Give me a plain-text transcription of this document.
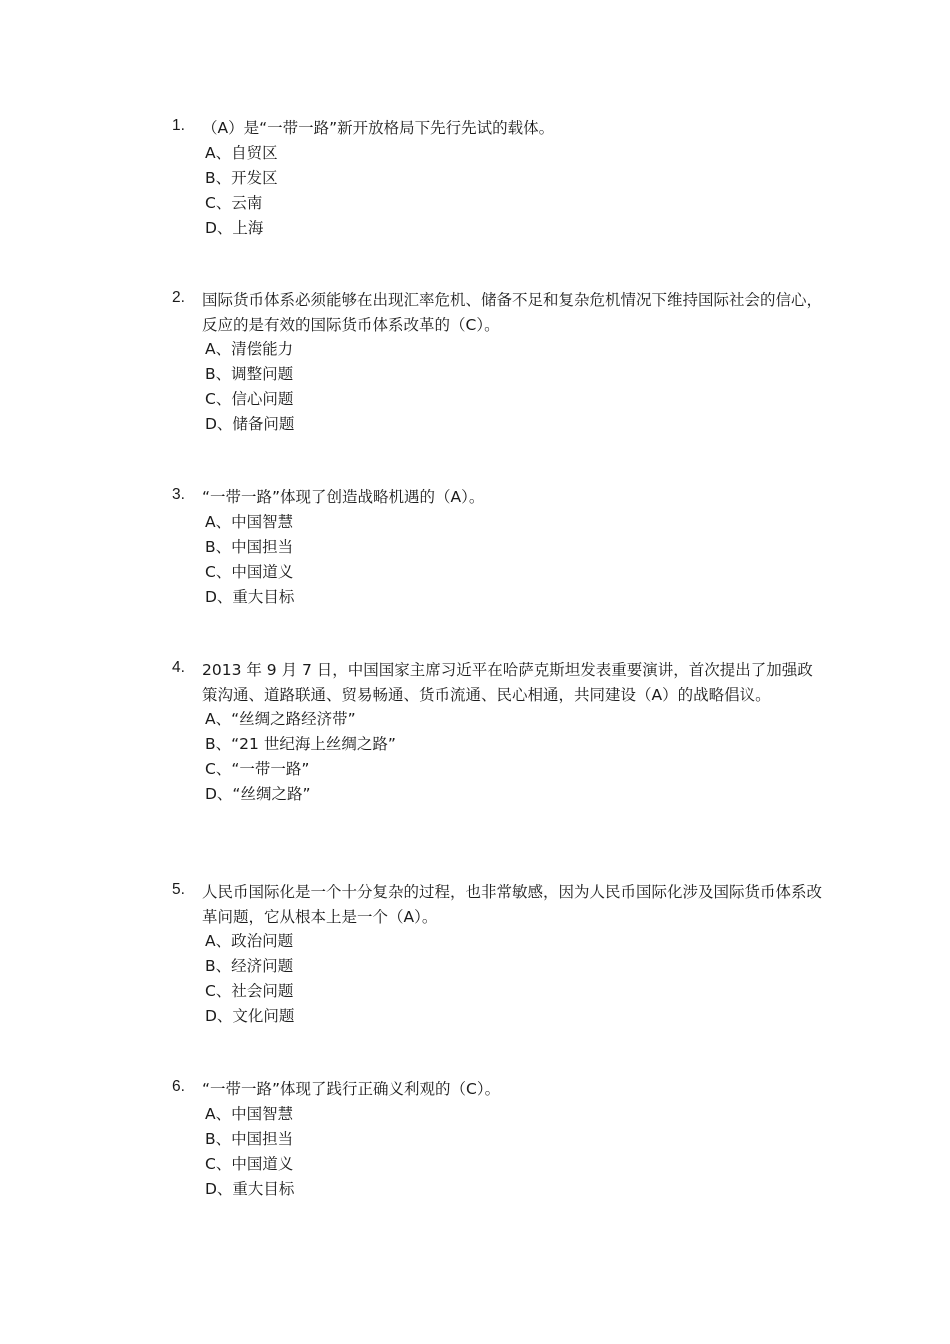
1. （A）是“一带一路”新开放格局下先行先试的载体。
A、自贸区
B、开发区
C、云南
D、上海
2. 国际货币体系必须能够在出现汇率危机、储备不足和复杂危机情况下维持国际社会的信心，反应的是有效的国际货币体系改革的（C）。
A、清偿能力
B、调整问题
C、信心问题
D、储备问题
3. “一带一路”体现了创造战略机遇的（A）。
A、中国智慧
B、中国担当
C、中国道义
D、重大目标
4. 2013 年 9 月 7 日，中国国家主席习近平在哈萨克斯坦发表重要演讲，首次提出了加强政策沟通、道路联通、贸易畅通、货币流通、民心相通，共同建设（A）的战略倡议。
A、“丝绸之路经济带”
B、“21 世纪海上丝绸之路”
C、“一带一路”
D、“丝绸之路”
5. 人民币国际化是一个十分复杂的过程，也非常敏感，因为人民币国际化涉及国际货币体系改革问题，它从根本上是一个（A）。
A、政治问题
B、经济问题
C、社会问题
D、文化问题
6. “一带一路”体现了践行正确义利观的（C）。
A、中国智慧
B、中国担当
C、中国道义
D、重大目标
